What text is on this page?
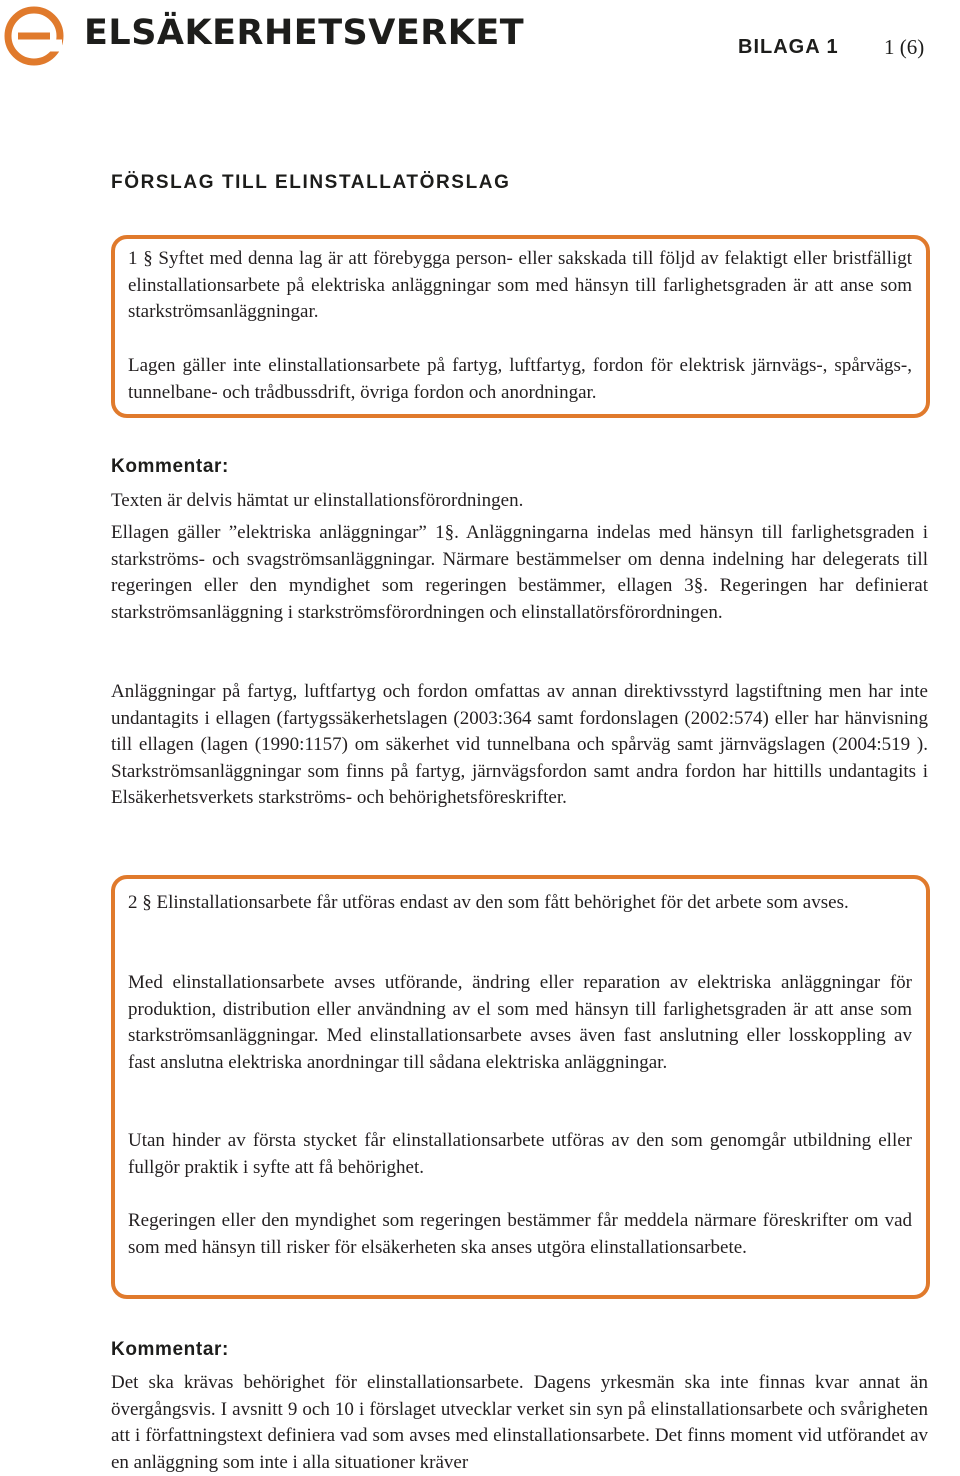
ELSÄKERHETSVERKET	BILAGA 1 1 (6)
FÖRSLAG TILL ELINSTALLATÖRSLAG

1 § Syftet med denna lag är att förebygga person- eller sakskada till följd av felaktigt eller bristfälligt elinstallationsarbete på elektriska anläggningar som med hänsyn till farlighetsgraden är att anse som starkströmsanläggningar.

Lagen gäller inte elinstallationsarbete på fartyg, luftfartyg, fordon för elektrisk järnvägs-, spårvägs-, tunnelbane- och trådbussdrift, övriga fordon och anordningar.

Kommentar:

Texten är delvis hämtat ur elinstallationsförordningen.

Ellagen gäller ”elektriska anläggningar” 1§. Anläggningarna indelas med hänsyn till farlighetsgraden i starkströms- och svagströmsanläggningar. Närmare bestämmelser om denna indelning har delegerats till regeringen eller den myndighet som regeringen bestämmer, ellagen 3§. Regeringen har definierat starkströmsanläggning i starkströmsförordningen och elinstallatörsförordningen.

Anläggningar på fartyg, luftfartyg och fordon omfattas av annan direktivsstyrd lagstiftning men har inte undantagits i ellagen (fartygssäkerhetslagen (2003:364 samt fordonslagen (2002:574) eller har hänvisning till ellagen (lagen (1990:1157) om säkerhet vid tunnelbana och spårväg samt järnvägslagen (2004:519 ). Starkströmsanläggningar som finns på fartyg, järnvägsfordon samt andra fordon har hittills undantagits i Elsäkerhetsverkets starkströms- och behörighetsföreskrifter.

2 § Elinstallationsarbete får utföras endast av den som fått behörighet för det arbete som avses.

Med elinstallationsarbete avses utförande, ändring eller reparation av elektriska anläggningar för produktion, distribution eller användning av el som med hänsyn till farlighetsgraden är att anse som starkströmsanläggningar. Med elinstallationsarbete avses även fast anslutning eller losskoppling av fast anslutna elektriska anordningar till sådana elektriska anläggningar.

Utan hinder av första stycket får elinstallationsarbete utföras av den som genomgår utbildning eller fullgör praktik i syfte att få behörighet.

Regeringen eller den myndighet som regeringen bestämmer får meddela närmare föreskrifter om vad som med hänsyn till risker för elsäkerheten ska anses utgöra elinstallationsarbete.

Kommentar:

Det ska krävas behörighet för elinstallationsarbete. Dagens yrkesmän ska inte finnas kvar annat än övergångsvis. I avsnitt 9 och 10 i förslaget utvecklar verket sin syn på elinstallationsarbete och svårigheten att i författningstext definiera vad som avses med elinstallationsarbete. Det finns moment vid utförandet av en anläggning som inte i alla situationer kräver
